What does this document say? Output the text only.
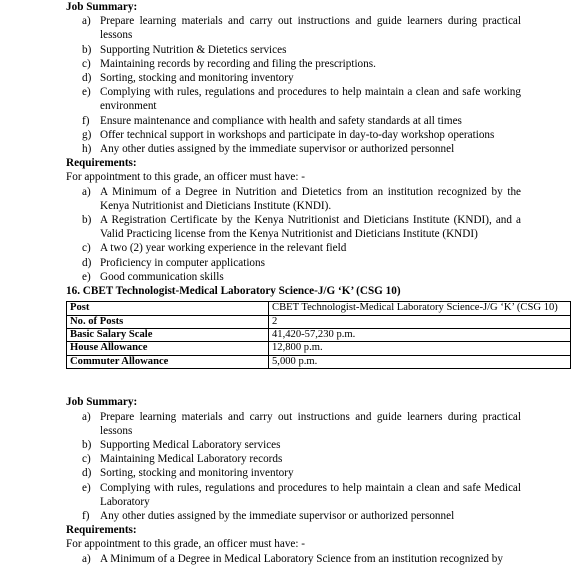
Job Summary:
a) Prepare learning materials and carry out instructions and guide learners during practical lessons
b) Supporting Nutrition & Dietetics services
c) Maintaining records by recording and filing the prescriptions.
d) Sorting, stocking and monitoring inventory
e) Complying with rules, regulations and procedures to help maintain a clean and safe working environment
f) Ensure maintenance and compliance with health and safety standards at all times
g) Offer technical support in workshops and participate in day-to-day workshop operations
h) Any other duties assigned by the immediate supervisor or authorized personnel
Requirements:
For appointment to this grade, an officer must have: -
a) A Minimum of a Degree in Nutrition and Dietetics from an institution recognized by the Kenya Nutritionist and Dieticians Institute (KNDI).
b) A Registration Certificate by the Kenya Nutritionist and Dieticians Institute (KNDI), and a Valid Practicing license from the Kenya Nutritionist and Dieticians Institute (KNDI)
c) A two (2) year working experience in the relevant field
d) Proficiency in computer applications
e) Good communication skills
16. CBET Technologist-Medical Laboratory Science-J/G ‘K’ (CSG 10)
Post	CBET Technologist-Medical Laboratory Science-J/G ‘K’ (CSG 10)
No. of Posts	2
Basic Salary Scale	41,420-57,230 p.m.
House Allowance	12,800 p.m.
Commuter Allowance	5,000 p.m.
Job Summary:
a) Prepare learning materials and carry out instructions and guide learners during practical lessons
b) Supporting Medical Laboratory services
c) Maintaining Medical Laboratory records
d) Sorting, stocking and monitoring inventory
e) Complying with rules, regulations and procedures to help maintain a clean and safe Medical Laboratory
f) Any other duties assigned by the immediate supervisor or authorized personnel
Requirements:
For appointment to this grade, an officer must have: -
a) A Minimum of a Degree in Medical Laboratory Science from an institution recognized by
